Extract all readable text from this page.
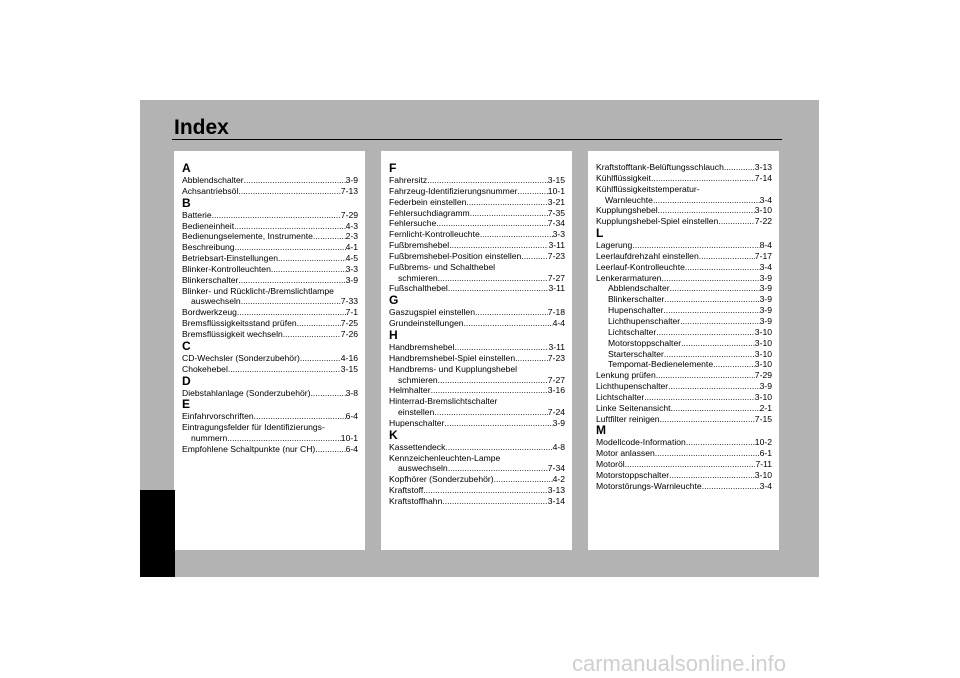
Index
A
Abblendschalter .....	3-9
Achsantriebsöl .....	7-13
B
Batterie .....	7-29
Bedieneinheit .....	4-3
Bedienungselemente, Instrumente .....	2-3
Beschreibung .....	4-1
Betriebsart-Einstellungen .....	4-5
Blinker-Kontrolleuchten .....	3-3
Blinkerschalter .....	3-9
Blinker- und Rücklicht-/Bremslichtlampe
auswechseln .....	7-33
Bordwerkzeug .....	7-1
Bremsflüssigkeitsstand prüfen .....	7-25
Bremsflüssigkeit wechseln .....	7-26
C
CD-Wechsler (Sonderzubehör) .....	4-16
Chokehebel .....	3-15
D
Diebstahlanlage (Sonderzubehör) .....	3-8
E
Einfahrvorschriften .....	6-4
Eintragungsfelder für Identifizierungs-
nummern .....	10-1
Empfohlene Schaltpunkte (nur CH) .....	6-4
F
Fahrersitz .....	3-15
Fahrzeug-Identifizierungsnummer .....	10-1
Federbein einstellen .....	3-21
Fehlersuchdiagramm .....	7-35
Fehlersuche .....	7-34
Fernlicht-Kontrolleuchte .....	3-3
Fußbremshebel .....	3-11
Fußbremshebel-Position einstellen .....	7-23
Fußbrems- und Schalthebel
schmieren .....	7-27
Fußschalthebel .....	3-11
G
Gaszugspiel einstellen .....	7-18
Grundeinstellungen .....	4-4
H
Handbremshebel .....	3-11
Handbremshebel-Spiel einstellen .....	7-23
Handbrems- und Kupplungshebel
schmieren .....	7-27
Helmhalter .....	3-16
Hinterrad-Bremslichtschalter
einstellen .....	7-24
Hupenschalter .....	3-9
K
Kassettendeck .....	4-8
Kennzeichenleuchten-Lampe
auswechseln .....	7-34
Kopfhörer (Sonderzubehör) .....	4-2
Kraftstoff .....	3-13
Kraftstoffhahn .....	3-14
Kraftstofftank-Belüftungsschlauch .....	3-13
Kühlflüssigkeit .....	7-14
Kühlflüssigkeitstemperatur-
Warnleuchte .....	3-4
Kupplungshebel .....	3-10
Kupplungshebel-Spiel einstellen .....	7-22
L
Lagerung .....	8-4
Leerlaufdrehzahl einstellen .....	7-17
Leerlauf-Kontrolleuchte .....	3-4
Lenkerarmaturen .....	3-9
Abblendschalter .....	3-9
Blinkerschalter .....	3-9
Hupenschalter .....	3-9
Lichthupenschalter .....	3-9
Lichtschalter .....	3-10
Motorstoppschalter .....	3-10
Starterschalter .....	3-10
Tempomat-Bedienelemente .....	3-10
Lenkung prüfen .....	7-29
Lichthupenschalter .....	3-9
Lichtschalter .....	3-10
Linke Seitenansicht .....	2-1
Luftfilter reinigen .....	7-15
M
Modellcode-Information .....	10-2
Motor anlassen .....	6-1
Motoröl .....	7-11
Motorstoppschalter .....	3-10
Motorstörungs-Warnleuchte .....	3-4
carmanualsonline.info
